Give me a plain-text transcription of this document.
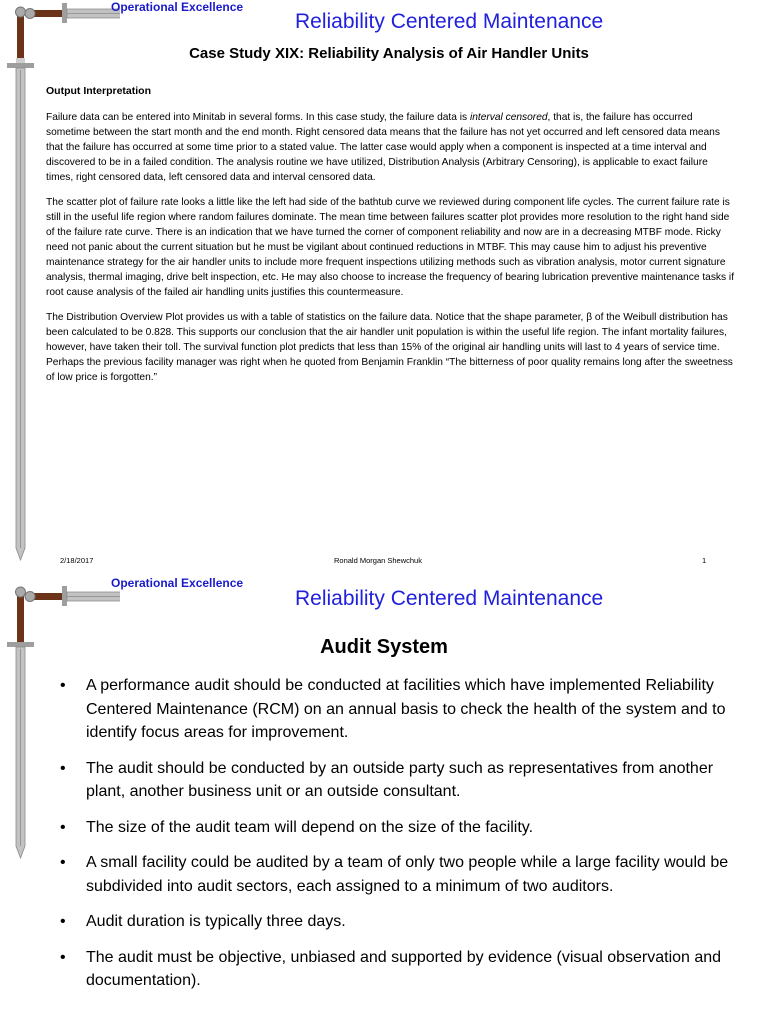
Operational Excellence
Reliability Centered Maintenance
Case Study XIX: Reliability Analysis of Air Handler Units
Output Interpretation

Failure data can be entered into Minitab in several forms. In this case study, the failure data is interval censored, that is, the failure has occurred sometime between the start month and the end month. Right censored data means that the failure has not yet occurred and left censored data means that the failure has occurred at some time prior to a stated value. The latter case would apply when a component is inspected at a time interval and discovered to be in a failed condition. The analysis routine we have utilized, Distribution Analysis (Arbitrary Censoring), is applicable to exact failure times, right censored data, left censored data and interval censored data.

The scatter plot of failure rate looks a little like the left had side of the bathtub curve we reviewed during component life cycles. The current failure rate is still in the useful life region where random failures dominate. The mean time between failures scatter plot provides more resolution to the right hand side of the failure rate curve. There is an indication that we have turned the corner of component reliability and now are in a decreasing MTBF mode. Ricky need not panic about the current situation but he must be vigilant about continued reductions in MTBF. This may cause him to adjust his preventive maintenance strategy for the air handler units to include more frequent inspections utilizing methods such as vibration analysis, motor current signature analysis, thermal imaging, drive belt inspection, etc. He may also choose to increase the frequency of bearing lubrication preventive maintenance tasks if root cause analysis of the failed air handling units justifies this countermeasure.

The Distribution Overview Plot provides us with a table of statistics on the failure data. Notice that the shape parameter, β of the Weibull distribution has been calculated to be 0.828. This supports our conclusion that the air handler unit population is within the useful life region. The infant mortality failures, however, have taken their toll. The survival function plot predicts that less than 15% of the original air handling units will last to 4 years of service time. Perhaps the previous facility manager was right when he quoted from Benjamin Franklin “The bitterness of poor quality remains long after the sweetness of low price is forgotten.”

2/18/2017	Ronald Morgan Shewchuk	1
Operational Excellence
Reliability Centered Maintenance
Audit System
• A performance audit should be conducted at facilities which have implemented Reliability Centered Maintenance (RCM) on an annual basis to check the health of the system and to identify focus areas for improvement.
• The audit should be conducted by an outside party such as representatives from another plant, another business unit or an outside consultant.
• The size of the audit team will depend on the size of the facility.
• A small facility could be audited by a team of only two people while a large facility would be subdivided into audit sectors, each assigned to a minimum of two auditors.
• Audit duration is typically three days.
• The audit must be objective, unbiased and supported by evidence (visual observation and documentation).
